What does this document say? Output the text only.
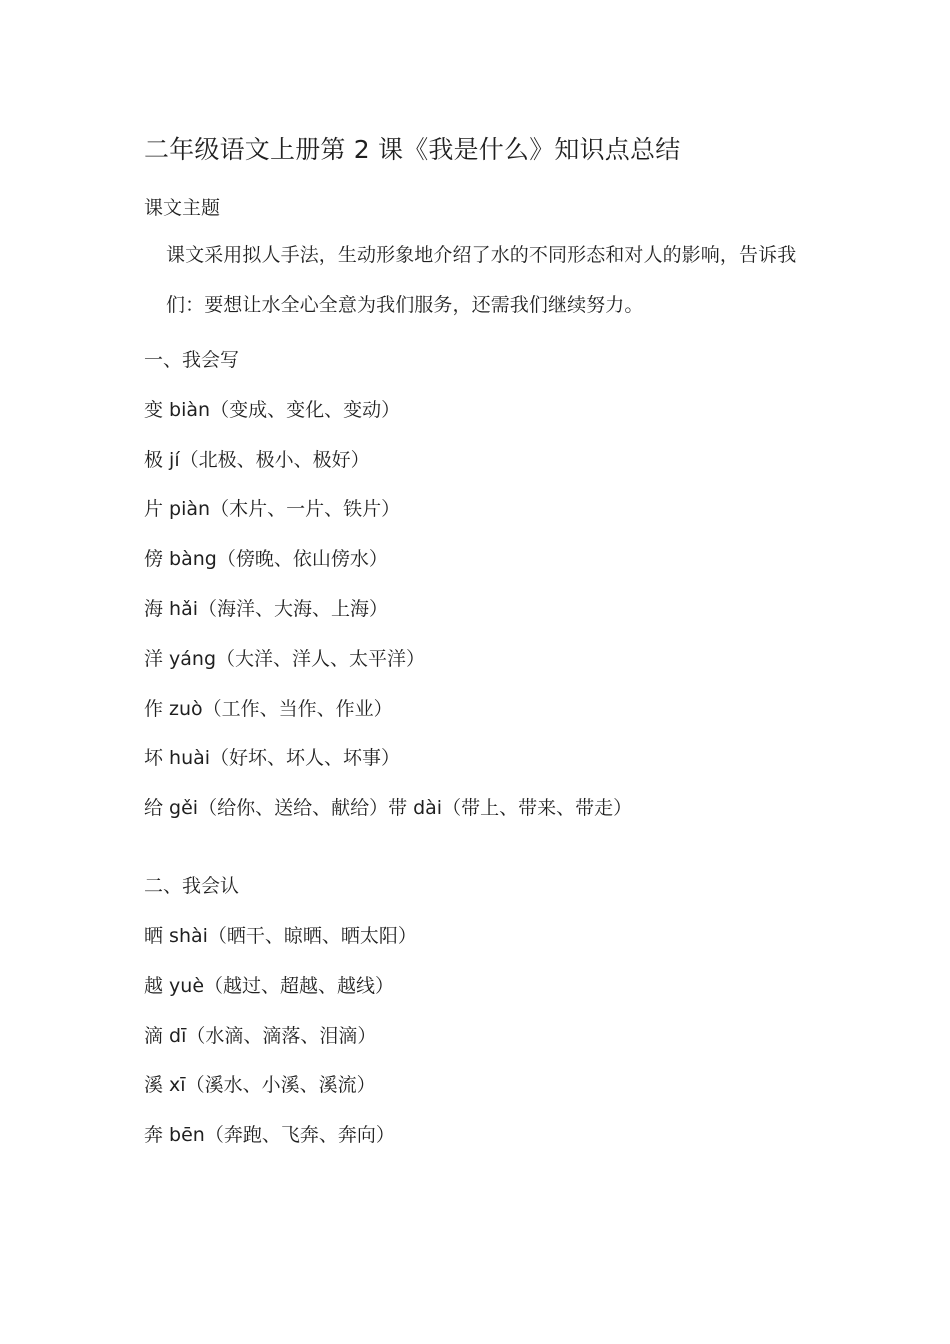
二年级语文上册第 2 课《我是什么》知识点总结
课文主题

课文采用拟人手法，生动形象地介绍了水的不同形态和对人的影响，告诉我们：要想让水全心全意为我们服务，还需我们继续努力。

一、我会写
变 biàn（变成、变化、变动）
极 jí（北极、极小、极好）
片 piàn（木片、一片、铁片）
傍 bàng（傍晚、依山傍水）
海 hǎi（海洋、大海、上海）
洋 yáng（大洋、洋人、太平洋）
作 zuò（工作、当作、作业）
坏 huài（好坏、坏人、坏事）
给 gěi（给你、送给、献给）带 dài（带上、带来、带走）
二、我会认
晒 shài（晒干、晾晒、晒太阳）
越 yuè（越过、超越、越线）
滴 dī（水滴、滴落、泪滴）
溪 xī（溪水、小溪、溪流）
奔 bēn（奔跑、飞奔、奔向）
